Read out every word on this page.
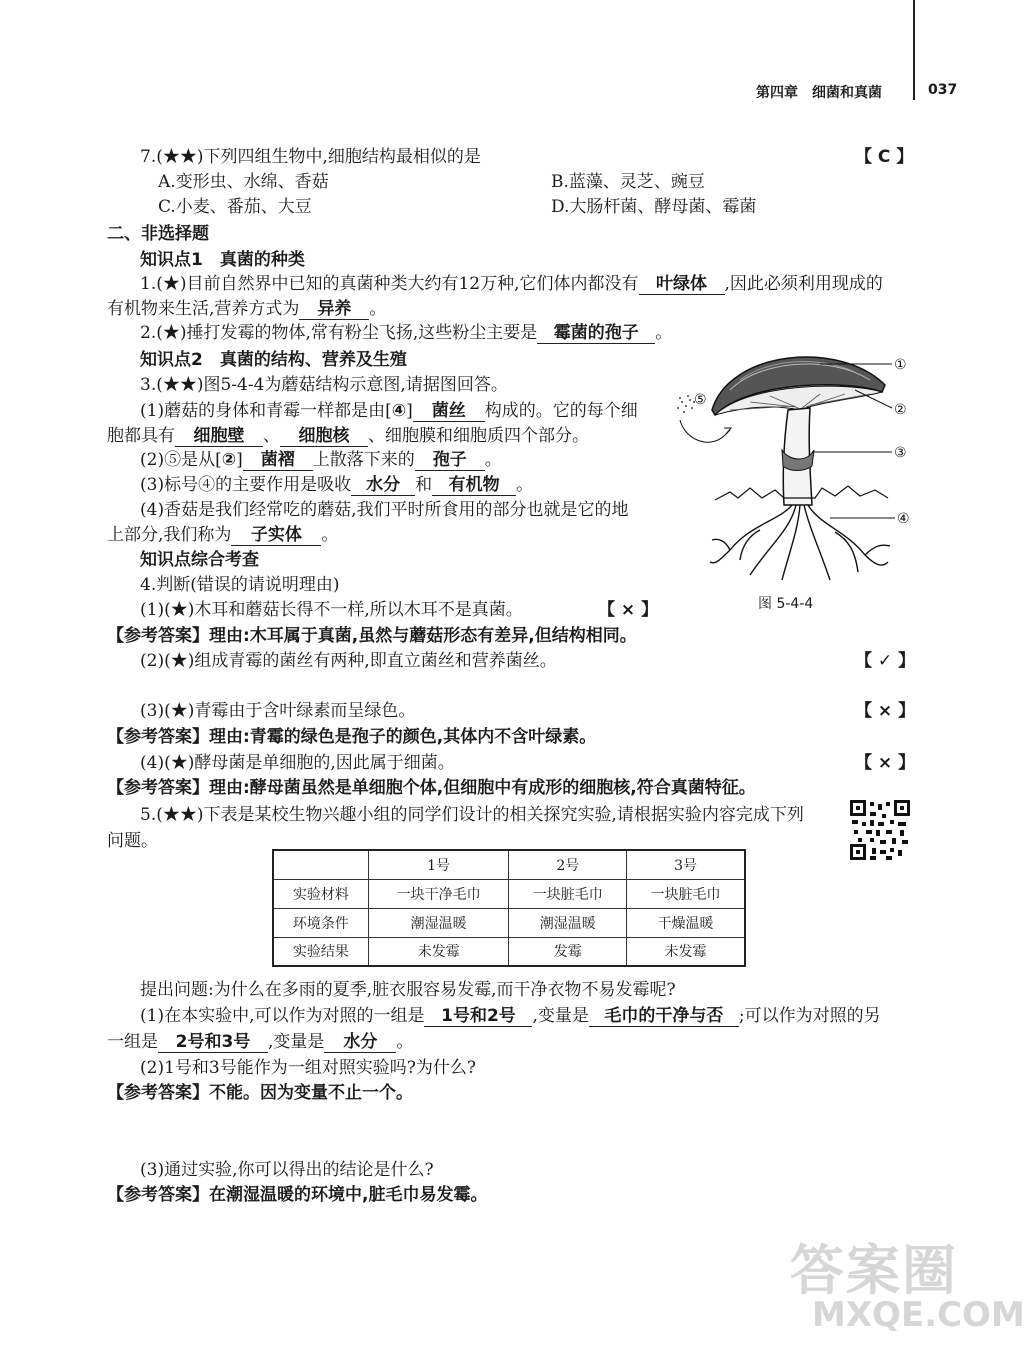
第四章　细菌和真菌	037
7.(★★)下列四组生物中,细胞结构最相似的是	【 C 】
A.变形虫、水绵、香菇	B.蓝藻、灵芝、豌豆
C.小麦、番茄、大豆	D.大肠杆菌、酵母菌、霉菌
二、非选择题
知识点1　真菌的种类
1.(★)目前自然界中已知的真菌种类大约有12万种,它们体内都没有 叶绿体 ,因此必须利用现成的
有机物来生活,营养方式为 异养 。
2.(★)捶打发霉的物体,常有粉尘飞扬,这些粉尘主要是 霉菌的孢子 。
知识点2　真菌的结构、营养及生殖
3.(★★)图5-4-4为蘑菇结构示意图,请据图回答。
(1)蘑菇的身体和青霉一样都是由[④] 菌丝 构成的。它的每个细
胞都具有 细胞壁 、 细胞核 、细胞膜和细胞质四个部分。
(2)⑤是从[②] 菌褶 上散落下来的 孢子 。
(3)标号④的主要作用是吸收 水分 和 有机物 。
(4)香菇是我们经常吃的蘑菇,我们平时所食用的部分也就是它的地
上部分,我们称为 子实体 。
①
②
③
④
⑤
图 5-4-4
知识点综合考查
4.判断(错误的请说明理由)
(1)(★)木耳和蘑菇长得不一样,所以木耳不是真菌。	【 × 】
【参考答案】理由:木耳属于真菌,虽然与蘑菇形态有差异,但结构相同。
(2)(★)组成青霉的菌丝有两种,即直立菌丝和营养菌丝。	【 ✓ 】
(3)(★)青霉由于含叶绿素而呈绿色。	【 × 】
【参考答案】理由:青霉的绿色是孢子的颜色,其体内不含叶绿素。
(4)(★)酵母菌是单细胞的,因此属于细菌。	【 × 】
【参考答案】理由:酵母菌虽然是单细胞个体,但细胞中有成形的细胞核,符合真菌特征。
5.(★★)下表是某校生物兴趣小组的同学们设计的相关探究实验,请根据实验内容完成下列
问题。
	1号	2号	3号
实验材料	一块干净毛巾	一块脏毛巾	一块脏毛巾
环境条件	潮湿温暖	潮湿温暖	干燥温暖
实验结果	未发霉	发霉	未发霉
提出问题:为什么在多雨的夏季,脏衣服容易发霉,而干净衣物不易发霉呢?
(1)在本实验中,可以作为对照的一组是 1号和2号 ,变量是 毛巾的干净与否 ;可以作为对照的另
一组是 2号和3号 ,变量是 水分 。
(2)1号和3号能作为一组对照实验吗?为什么?
【参考答案】不能。因为变量不止一个。
(3)通过实验,你可以得出的结论是什么?
【参考答案】在潮湿温暖的环境中,脏毛巾易发霉。
答案圈
MXQE.COM
